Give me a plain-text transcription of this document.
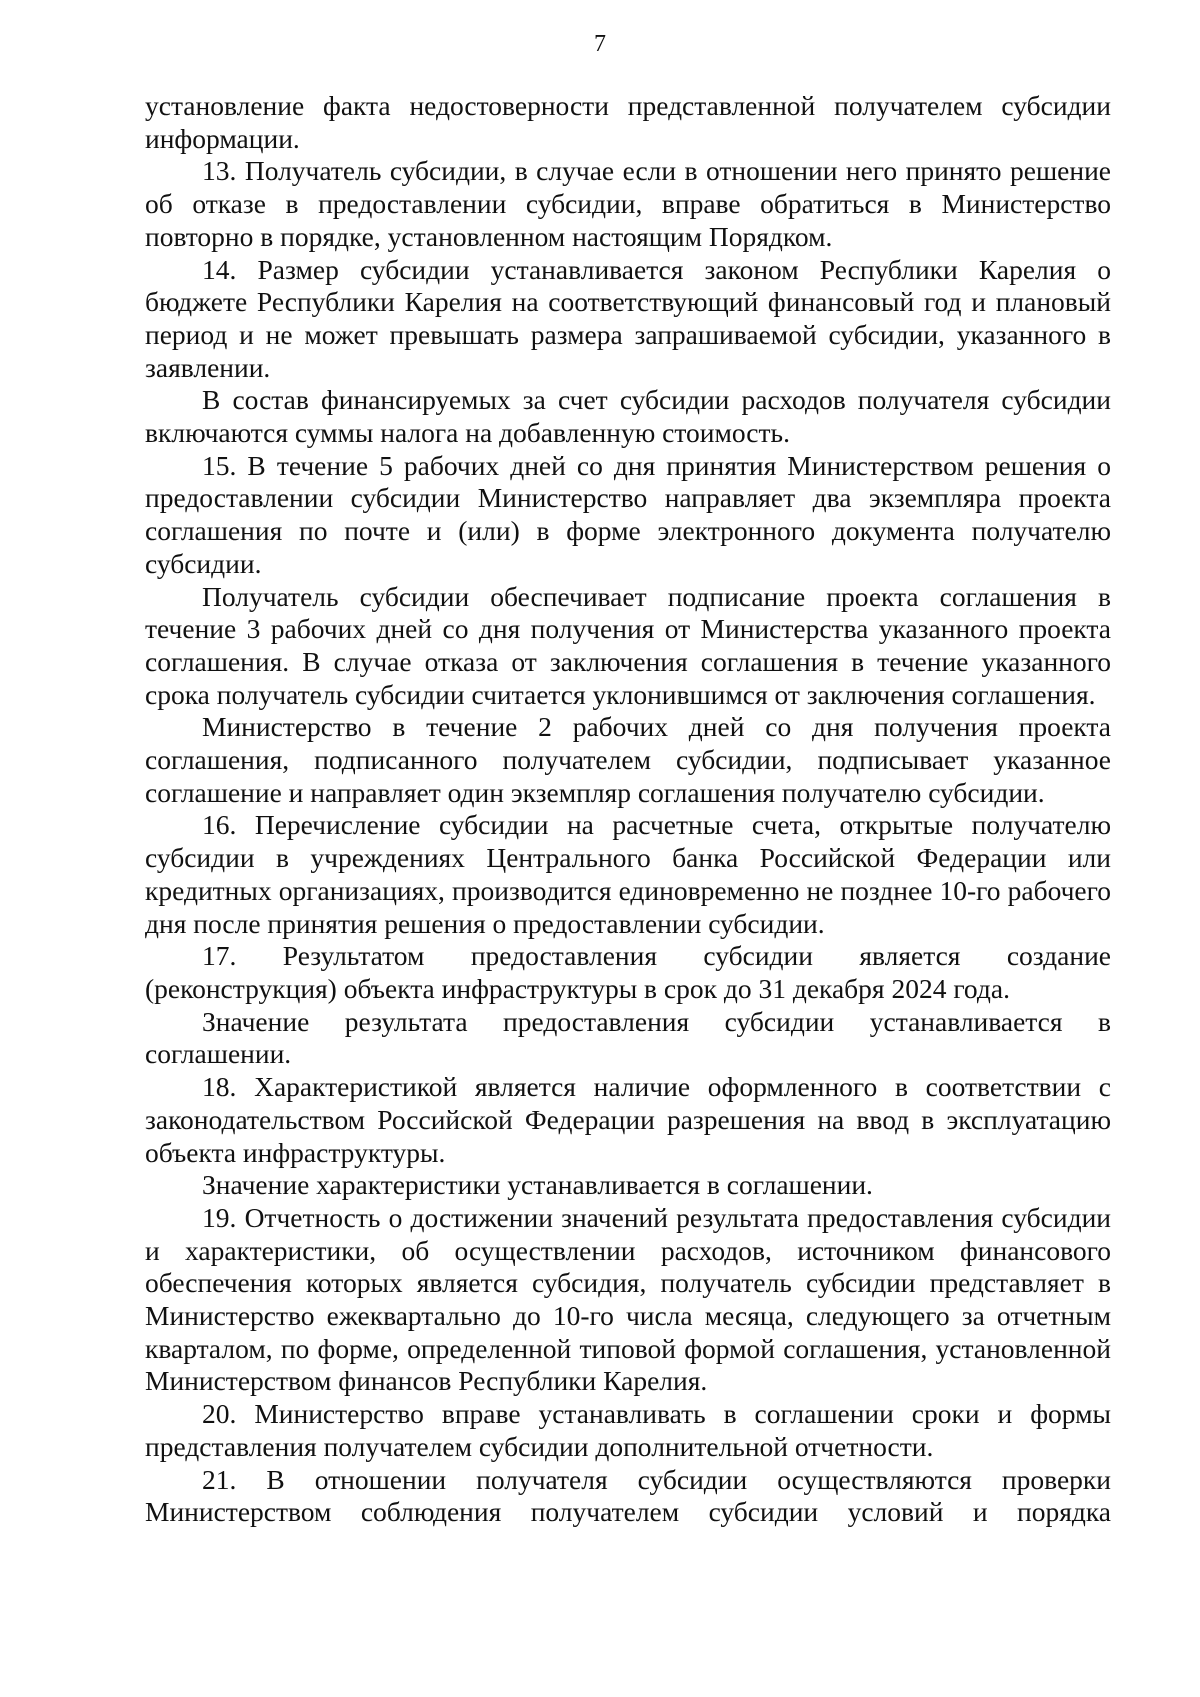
7

установление факта недостоверности представленной получателем субсидии информации.

13. Получатель субсидии, в случае если в отношении него принято решение об отказе в предоставлении субсидии, вправе обратиться в Министерство повторно в порядке, установленном настоящим Порядком.

14. Размер субсидии устанавливается законом Республики Карелия о бюджете Республики Карелия на соответствующий финансовый год и плановый период и не может превышать размера запрашиваемой субсидии, указанного в заявлении.

В состав финансируемых за счет субсидии расходов получателя субсидии включаются суммы налога на добавленную стоимость.

15. В течение 5 рабочих дней со дня принятия Министерством решения о предоставлении субсидии Министерство направляет два экземпляра проекта соглашения по почте и (или) в форме электронного документа получателю субсидии.

Получатель субсидии обеспечивает подписание проекта соглашения в течение 3 рабочих дней со дня получения от Министерства указанного проекта соглашения. В случае отказа от заключения соглашения в течение указанного срока получатель субсидии считается уклонившимся от заключения соглашения.

Министерство в течение 2 рабочих дней со дня получения проекта соглашения, подписанного получателем субсидии, подписывает указанное соглашение и направляет один экземпляр соглашения получателю субсидии.

16. Перечисление субсидии на расчетные счета, открытые получателю субсидии в учреждениях Центрального банка Российской Федерации или кредитных организациях, производится единовременно не позднее 10-го рабочего дня после принятия решения о предоставлении субсидии.

17. Результатом предоставления субсидии является создание (реконструкция) объекта инфраструктуры в срок до 31 декабря 2024 года.

Значение результата предоставления субсидии устанавливается в соглашении.

18. Характеристикой является наличие оформленного в соответствии с законодательством Российской Федерации разрешения на ввод в эксплуатацию объекта инфраструктуры.

Значение характеристики устанавливается в соглашении.

19. Отчетность о достижении значений результата предоставления субсидии и характеристики, об осуществлении расходов, источником финансового обеспечения которых является субсидия, получатель субсидии представляет в Министерство ежеквартально до 10-го числа месяца, следующего за отчетным кварталом, по форме, определенной типовой формой соглашения, установленной Министерством финансов Республики Карелия.

20. Министерство вправе устанавливать в соглашении сроки и формы представления получателем субсидии дополнительной отчетности.

21. В отношении получателя субсидии осуществляются проверки Министерством соблюдения получателем субсидии условий и порядка
